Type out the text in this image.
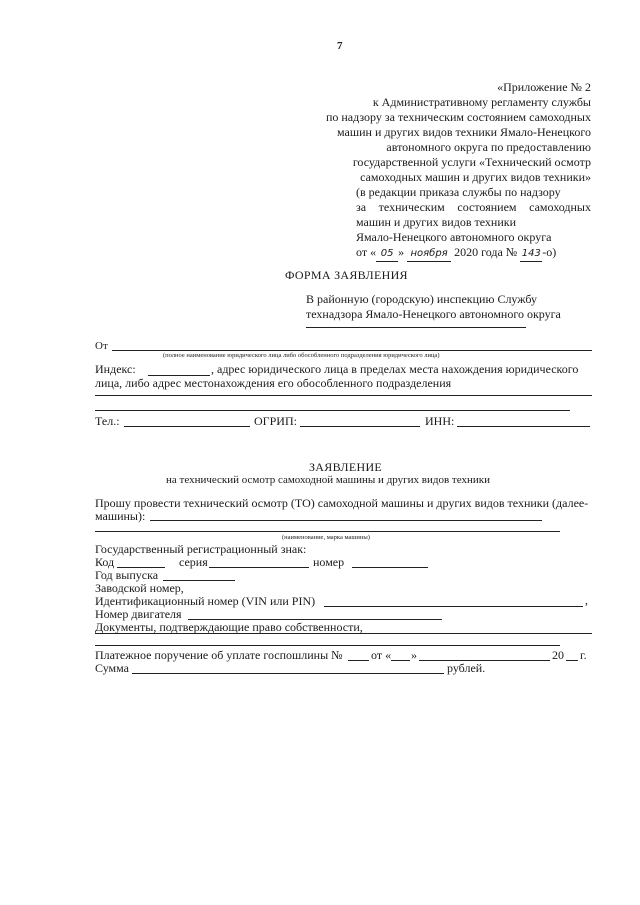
7
«Приложение № 2
к Административному регламенту службы
по надзору за техническим состоянием самоходных
машин и других видов техники Ямало-Ненецкого
автономного округа по предоставлению
государственной услуги «Технический осмотр
самоходных машин и других видов техники»
(в редакции приказа службы по надзору
за техническим состоянием самоходных
машин и других видов техники
Ямало-Ненецкого автономного округа
от « 05 » ноября 2020 года № 143-о)
ФОРМА ЗАЯВЛЕНИЯ
В районную (городскую) инспекцию Службу
технадзора Ямало-Ненецкого автономного округа
От
(полное наименование юридического лица либо обособленного подразделения юридического лица)
Индекс:	, адрес юридического лица в пределах места нахождения юридического
лица, либо адрес местонахождения его обособленного подразделения
Тел.:	ОГРИП:	ИНН:
ЗАЯВЛЕНИЕ
на технический осмотр самоходной машины и других видов техники
Прошу провести технический осмотр (ТО) самоходной машины и других видов техники (далее-
машины):
(наименование, марка машины)
Государственный регистрационный знак:
Код	серия	номер
Год выпуска
Заводской номер,
Идентификационный номер (VIN или PIN)	,
Номер двигателя
Документы, подтверждающие право собственности,
Платежное поручение об уплате госпошлины № от « »	20 г.
Сумма	рублей.
